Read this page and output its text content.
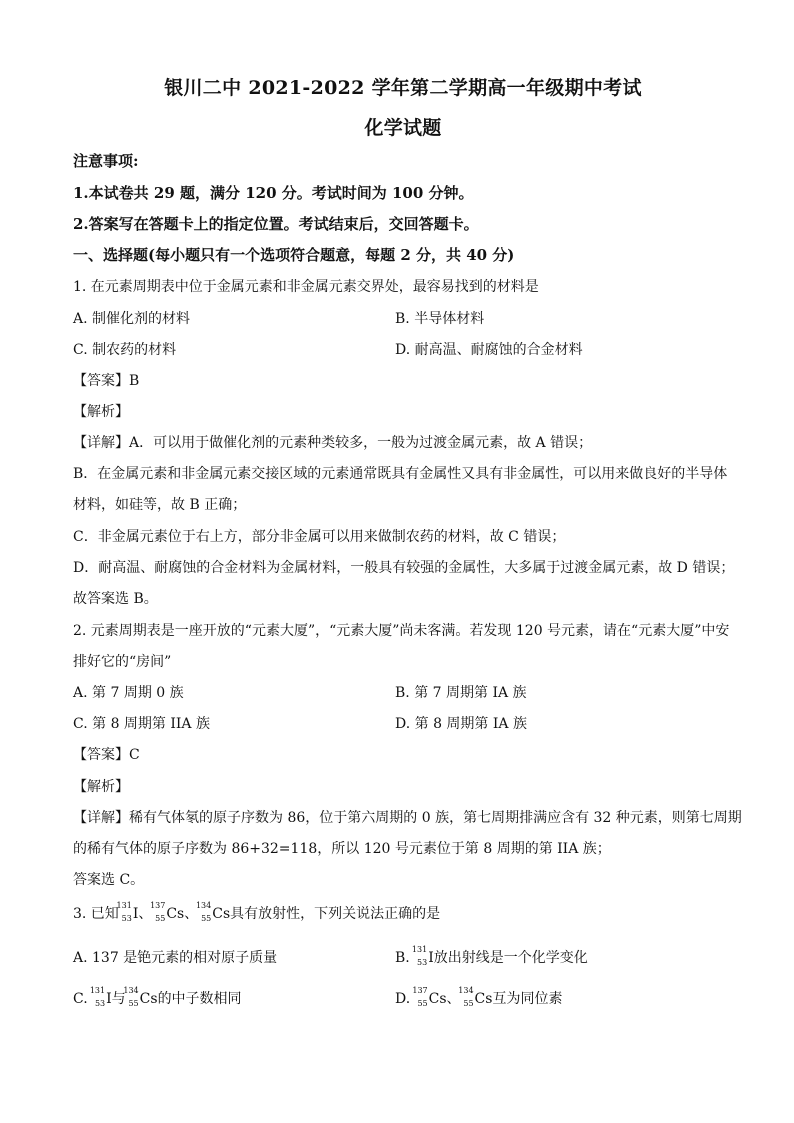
银川二中 2021-2022 学年第二学期高一年级期中考试
化学试题
注意事项:
1.本试卷共 29 题，满分 120 分。考试时间为 100 分钟。
2.答案写在答题卡上的指定位置。考试结束后，交回答题卡。
一、选择题(每小题只有一个选项符合题意，每题 2 分，共 40 分)
1. 在元素周期表中位于金属元素和非金属元素交界处，最容易找到的材料是
A. 制催化剂的材料	B. 半导体材料
C. 制农药的材料	D. 耐高温、耐腐蚀的合金材料
【答案】B
【解析】
【详解】A．可以用于做催化剂的元素种类较多，一般为过渡金属元素，故 A 错误；
B．在金属元素和非金属元素交接区域的元素通常既具有金属性又具有非金属性，可以用来做良好的半导体
材料，如硅等，故 B 正确；
C．非金属元素位于右上方，部分非金属可以用来做制农药的材料，故 C 错误；
D．耐高温、耐腐蚀的合金材料为金属材料，一般具有较强的金属性，大多属于过渡金属元素，故 D 错误；
故答案选 B。
2. 元素周期表是一座开放的“元素大厦”，“元素大厦”尚未客满。若发现 120 号元素，请在“元素大厦”中安
排好它的“房间”
A. 第 7 周期 0 族	B. 第 7 周期第 IA 族
C. 第 8 周期第 IIA 族	D. 第 8 周期第 IA 族
【答案】C
【解析】
【详解】稀有气体氡的原子序数为 86，位于第六周期的 0 族，第七周期排满应含有 32 种元素，则第七周期
的稀有气体的原子序数为 86+32=118，所以 120 号元素位于第 8 周期的第 IIA 族；
答案选 C。
3. 已知
131
53 I、
137
55 Cs、
134
55 Cs具有放射性，下列关说法正确的是
A. 137 是铯元素的相对原子质量	B.
131
53 I放出射线是一个化学变化
C.
131
53 I与
134
55 Cs的中子数相同	D.
137
55 Cs、
134
55 Cs互为同位素
